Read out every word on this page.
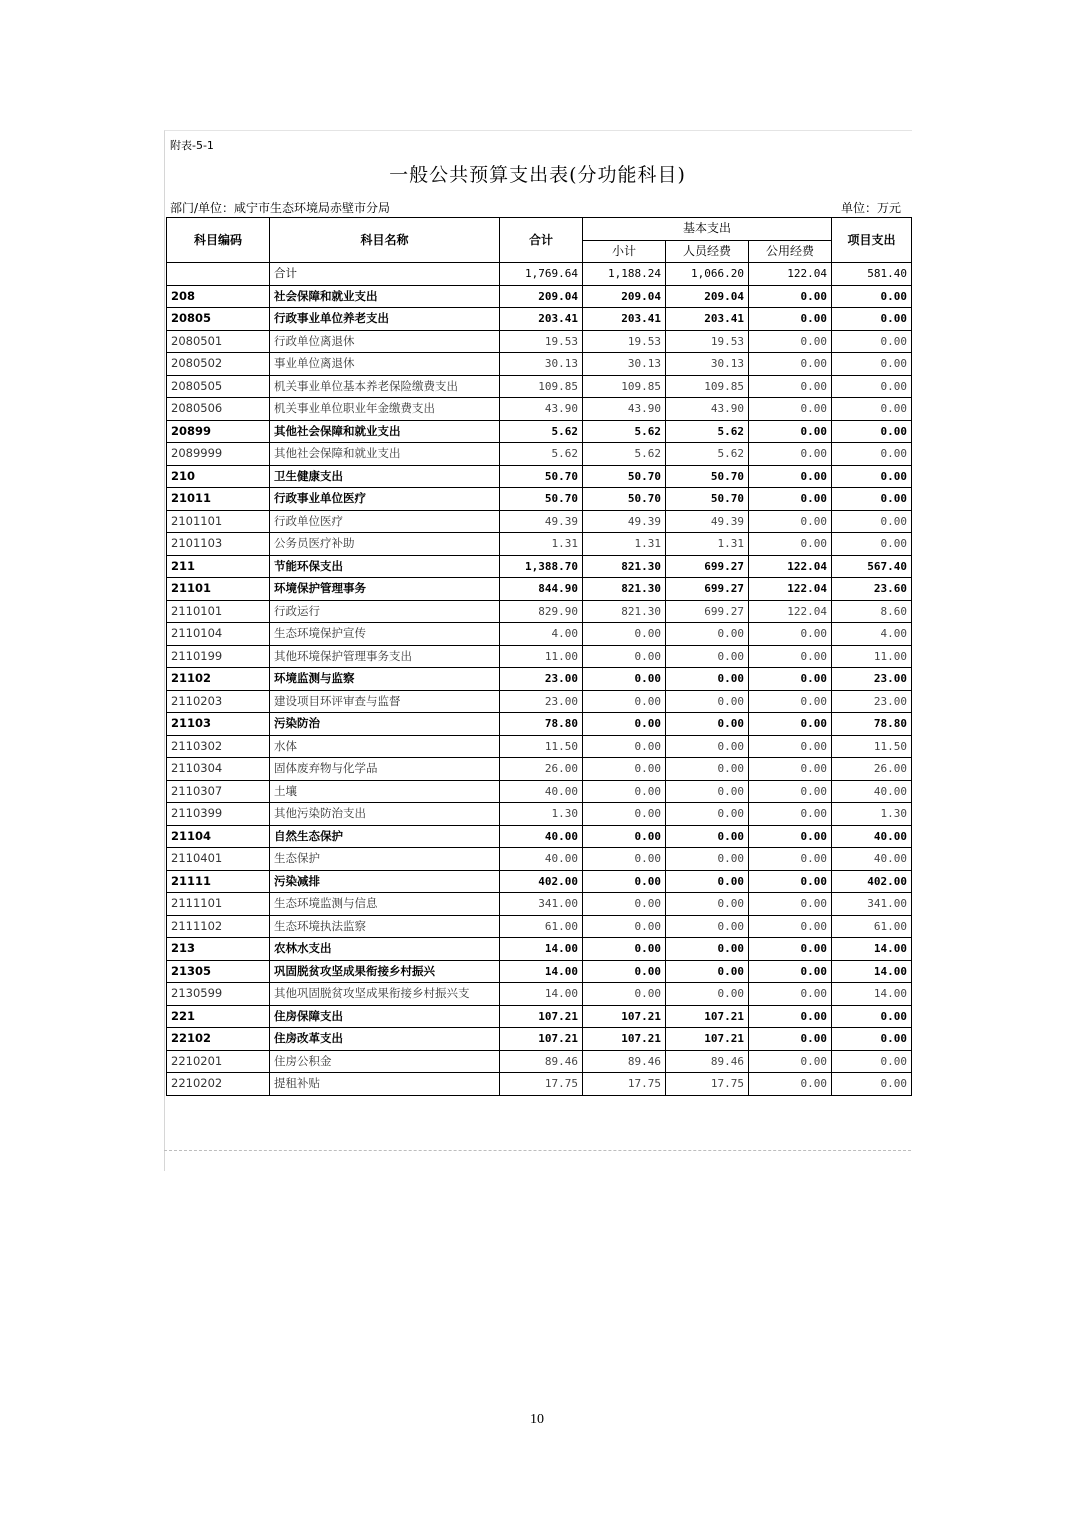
附表-5-1
一般公共预算支出表(分功能科目)
部门/单位：咸宁市生态环境局赤壁市分局	单位：万元
科目编码	科目名称	合计	基本支出			项目支出
			小计	人员经费	公用经费	
	合计	1,769.64	1,188.24	1,066.20	122.04	581.40
208	社会保障和就业支出	209.04	209.04	209.04	0.00	0.00
20805	行政事业单位养老支出	203.41	203.41	203.41	0.00	0.00
2080501	行政单位离退休	19.53	19.53	19.53	0.00	0.00
2080502	事业单位离退休	30.13	30.13	30.13	0.00	0.00
2080505	机关事业单位基本养老保险缴费支出	109.85	109.85	109.85	0.00	0.00
2080506	机关事业单位职业年金缴费支出	43.90	43.90	43.90	0.00	0.00
20899	其他社会保障和就业支出	5.62	5.62	5.62	0.00	0.00
2089999	其他社会保障和就业支出	5.62	5.62	5.62	0.00	0.00
210	卫生健康支出	50.70	50.70	50.70	0.00	0.00
21011	行政事业单位医疗	50.70	50.70	50.70	0.00	0.00
2101101	行政单位医疗	49.39	49.39	49.39	0.00	0.00
2101103	公务员医疗补助	1.31	1.31	1.31	0.00	0.00
211	节能环保支出	1,388.70	821.30	699.27	122.04	567.40
21101	环境保护管理事务	844.90	821.30	699.27	122.04	23.60
2110101	行政运行	829.90	821.30	699.27	122.04	8.60
2110104	生态环境保护宣传	4.00	0.00	0.00	0.00	4.00
2110199	其他环境保护管理事务支出	11.00	0.00	0.00	0.00	11.00
21102	环境监测与监察	23.00	0.00	0.00	0.00	23.00
2110203	建设项目环评审查与监督	23.00	0.00	0.00	0.00	23.00
21103	污染防治	78.80	0.00	0.00	0.00	78.80
2110302	水体	11.50	0.00	0.00	0.00	11.50
2110304	固体废弃物与化学品	26.00	0.00	0.00	0.00	26.00
2110307	土壤	40.00	0.00	0.00	0.00	40.00
2110399	其他污染防治支出	1.30	0.00	0.00	0.00	1.30
21104	自然生态保护	40.00	0.00	0.00	0.00	40.00
2110401	生态保护	40.00	0.00	0.00	0.00	40.00
21111	污染减排	402.00	0.00	0.00	0.00	402.00
2111101	生态环境监测与信息	341.00	0.00	0.00	0.00	341.00
2111102	生态环境执法监察	61.00	0.00	0.00	0.00	61.00
213	农林水支出	14.00	0.00	0.00	0.00	14.00
21305	巩固脱贫攻坚成果衔接乡村振兴	14.00	0.00	0.00	0.00	14.00
2130599	其他巩固脱贫攻坚成果衔接乡村振兴支	14.00	0.00	0.00	0.00	14.00
221	住房保障支出	107.21	107.21	107.21	0.00	0.00
22102	住房改革支出	107.21	107.21	107.21	0.00	0.00
2210201	住房公积金	89.46	89.46	89.46	0.00	0.00
2210202	提租补贴	17.75	17.75	17.75	0.00	0.00
10
